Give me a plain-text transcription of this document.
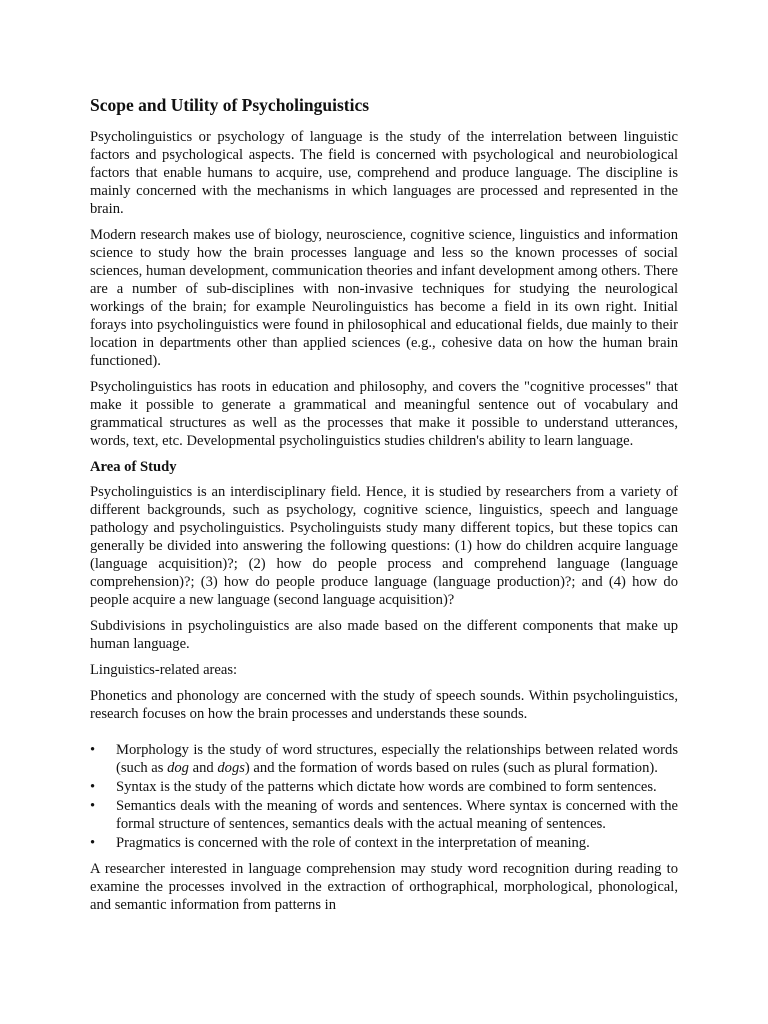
Scope and Utility of Psycholinguistics

Psycholinguistics or psychology of language is the study of the interrelation between linguistic factors and psychological aspects. The field is concerned with psychological and neurobiological factors that enable humans to acquire, use, comprehend and produce language. The discipline is mainly concerned with the mechanisms in which languages are processed and represented in the brain.

Modern research makes use of biology, neuroscience, cognitive science, linguistics and information science to study how the brain processes language and less so the known processes of social sciences, human development, communication theories and infant development among others. There are a number of sub-disciplines with non-invasive techniques for studying the neurological workings of the brain; for example Neurolinguistics has become a field in its own right. Initial forays into psycholinguistics were found in philosophical and educational fields, due mainly to their location in departments other than applied sciences (e.g., cohesive data on how the human brain functioned).

Psycholinguistics has roots in education and philosophy, and covers the "cognitive processes" that make it possible to generate a grammatical and meaningful sentence out of vocabulary and grammatical structures as well as the processes that make it possible to understand utterances, words, text, etc. Developmental psycholinguistics studies children's ability to learn language.

Area of Study

Psycholinguistics is an interdisciplinary field. Hence, it is studied by researchers from a variety of different backgrounds, such as psychology, cognitive science, linguistics, speech and language pathology and psycholinguistics. Psycholinguists study many different topics, but these topics can generally be divided into answering the following questions: (1) how do children acquire language (language acquisition)?; (2) how do people process and comprehend language (language comprehension)?; (3) how do people produce language (language production)?; and (4) how do people acquire a new language (second language acquisition)?

Subdivisions in psycholinguistics are also made based on the different components that make up human language.

Linguistics-related areas:

Phonetics and phonology are concerned with the study of speech sounds. Within psycholinguistics, research focuses on how the brain processes and understands these sounds.

• Morphology is the study of word structures, especially the relationships between related words (such as dog and dogs) and the formation of words based on rules (such as plural formation).
• Syntax is the study of the patterns which dictate how words are combined to form sentences.
• Semantics deals with the meaning of words and sentences. Where syntax is concerned with the formal structure of sentences, semantics deals with the actual meaning of sentences.
• Pragmatics is concerned with the role of context in the interpretation of meaning.

A researcher interested in language comprehension may study word recognition during reading to examine the processes involved in the extraction of orthographical, morphological, phonological, and semantic information from patterns in
